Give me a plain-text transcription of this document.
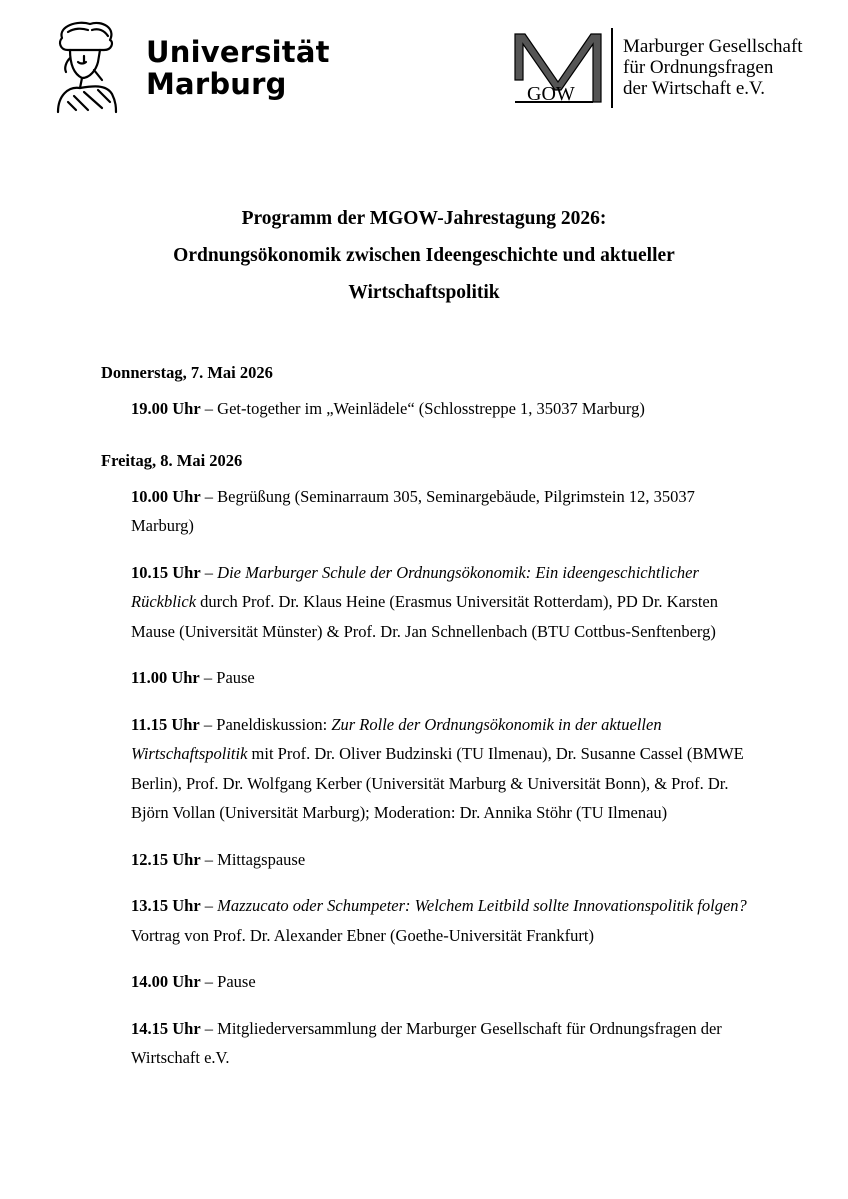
Universität
Marburg	GOW
Marburger Gesellschaft
für Ordnungsfragen
der Wirtschaft e.V.
Programm der MGOW-Jahrestagung 2026:
Ordnungsökonomik zwischen Ideengeschichte und aktueller
Wirtschaftspolitik

Donnerstag, 7. Mai 2026

19.00 Uhr – Get-together im „Weinlädele“ (Schlosstreppe 1, 35037 Marburg)

Freitag, 8. Mai 2026

10.00 Uhr – Begrüßung (Seminarraum 305, Seminargebäude, Pilgrimstein 12, 35037 Marburg)

10.15 Uhr – Die Marburger Schule der Ordnungsökonomik: Ein ideengeschichtlicher Rückblick durch Prof. Dr. Klaus Heine (Erasmus Universität Rotterdam), PD Dr. Karsten Mause (Universität Münster) & Prof. Dr. Jan Schnellenbach (BTU Cottbus-Senftenberg)

11.00 Uhr – Pause

11.15 Uhr – Paneldiskussion: Zur Rolle der Ordnungsökonomik in der aktuellen Wirtschaftspolitik mit Prof. Dr. Oliver Budzinski (TU Ilmenau), Dr. Susanne Cassel (BMWE Berlin), Prof. Dr. Wolfgang Kerber (Universität Marburg & Universität Bonn), & Prof. Dr. Björn Vollan (Universität Marburg); Moderation: Dr. Annika Stöhr (TU Ilmenau)

12.15 Uhr – Mittagspause

13.15 Uhr – Mazzucato oder Schumpeter: Welchem Leitbild sollte Innovationspolitik folgen? Vortrag von Prof. Dr. Alexander Ebner (Goethe-Universität Frankfurt)

14.00 Uhr – Pause

14.15 Uhr – Mitgliederversammlung der Marburger Gesellschaft für Ordnungsfragen der Wirtschaft e.V.
